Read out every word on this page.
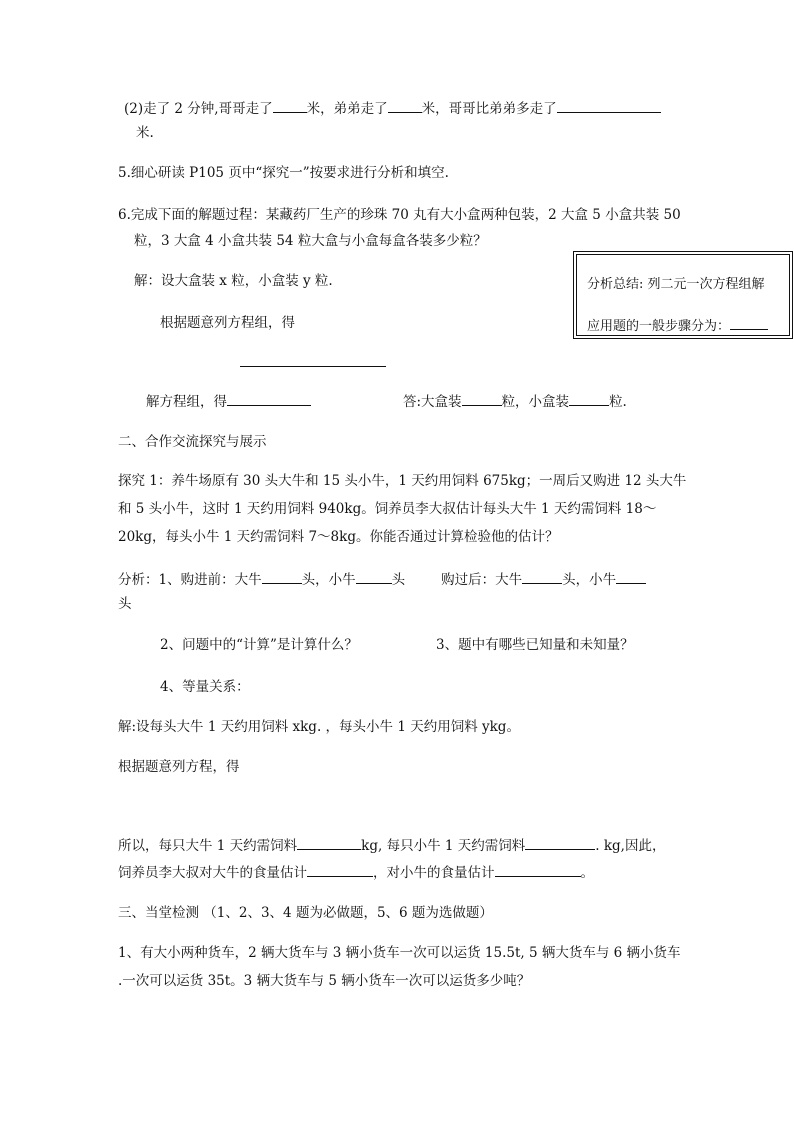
(2)走了 2 分钟,哥哥走了	米，弟弟走了	米，哥哥比弟弟多走了
米.
5.细心研读 P105 页中“探究一”按要求进行分析和填空.
6.完成下面的解题过程：某藏药厂生产的珍珠 70 丸有大小盒两种包装，2 大盒 5 小盒共装 50
粒，3 大盒 4 小盒共装 54 粒大盒与小盒每盒各装多少粒？
解：设大盒装 x 粒，小盒装 y 粒.
根据题意列方程组，得
解方程组，得	答:大盒装	粒，小盒装	粒.
分析总结: 列二元一次方程组解
应用题的一般步骤分为：
二、合作交流探究与展示
探究 1：养牛场原有 30 头大牛和 15 头小牛，1 天约用饲料 675kg；一周后又购进 12 头大牛
和 5 头小牛，这时 1 天约用饲料 940kg。饲养员李大叔估计每头大牛 1 天约需饲料 18～
20kg，每头小牛 1 天约需饲料 7～8kg。你能否通过计算检验他的估计？
分析：1、购进前：大牛	头，小牛	头	购过后：大牛	头，小牛
头
2、问题中的“计算”是计算什么？	3、题中有哪些已知量和未知量？
4、等量关系：
解:设每头大牛 1 天约用饲料 xkg. ，每头小牛 1 天约用饲料 ykg。
根据题意列方程，得
所以，每只大牛 1 天约需饲料	kg, 每只小牛 1 天约需饲料	. kg,因此，
饲养员李大叔对大牛的食量估计	，对小牛的食量估计	。
三、当堂检测 （1、2、3、4 题为必做题，5、6 题为选做题）
1、有大小两种货车，2 辆大货车与 3 辆小货车一次可以运货 15.5t, 5 辆大货车与 6 辆小货车
.一次可以运货 35t。3 辆大货车与 5 辆小货车一次可以运货多少吨？
